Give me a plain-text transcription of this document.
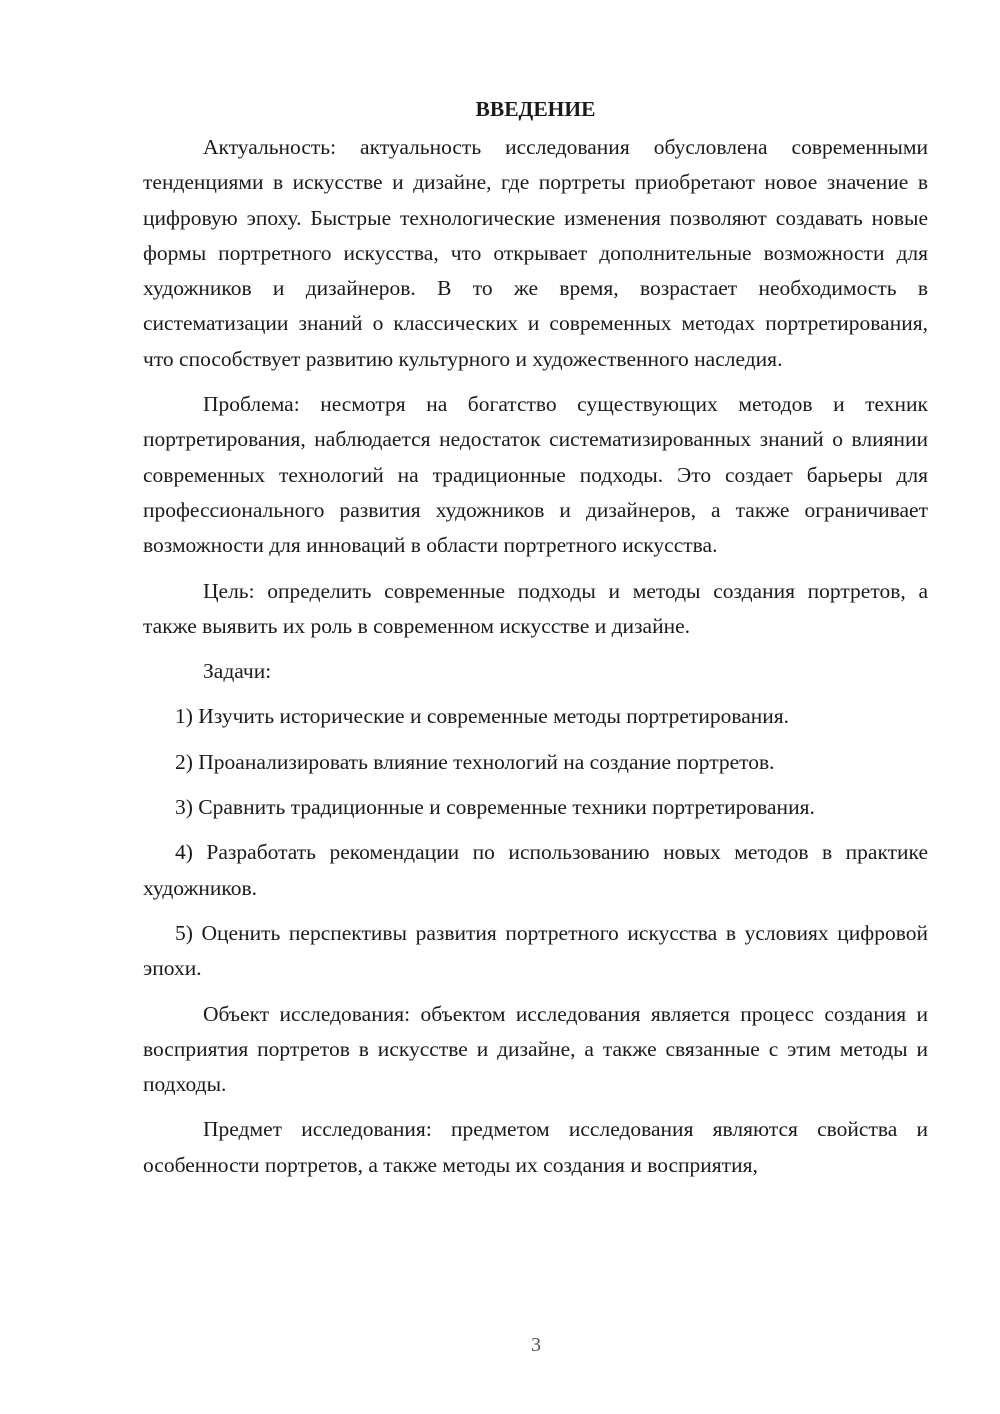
ВВЕДЕНИЕ

Актуальность: актуальность исследования обусловлена современными тенденциями в искусстве и дизайне, где портреты приобретают новое значение в цифровую эпоху. Быстрые технологические изменения позволяют создавать новые формы портретного искусства, что открывает дополнительные возможности для художников и дизайнеров. В то же время, возрастает необходимость в систематизации знаний о классических и современных методах портретирования, что способствует развитию культурного и художественного наследия.

Проблема: несмотря на богатство существующих методов и техник портретирования, наблюдается недостаток систематизированных знаний о влиянии современных технологий на традиционные подходы. Это создает барьеры для профессионального развития художников и дизайнеров, а также ограничивает возможности для инноваций в области портретного искусства.

Цель: определить современные подходы и методы создания портретов, а также выявить их роль в современном искусстве и дизайне.

Задачи:

1) Изучить исторические и современные методы портретирования.

2) Проанализировать влияние технологий на создание портретов.

3) Сравнить традиционные и современные техники портретирования.

4) Разработать рекомендации по использованию новых методов в практике художников.

5) Оценить перспективы развития портретного искусства в условиях цифровой эпохи.

Объект исследования: объектом исследования является процесс создания и восприятия портретов в искусстве и дизайне, а также связанные с этим методы и подходы.

Предмет исследования: предметом исследования являются свойства и особенности портретов, а также методы их создания и восприятия,

3
